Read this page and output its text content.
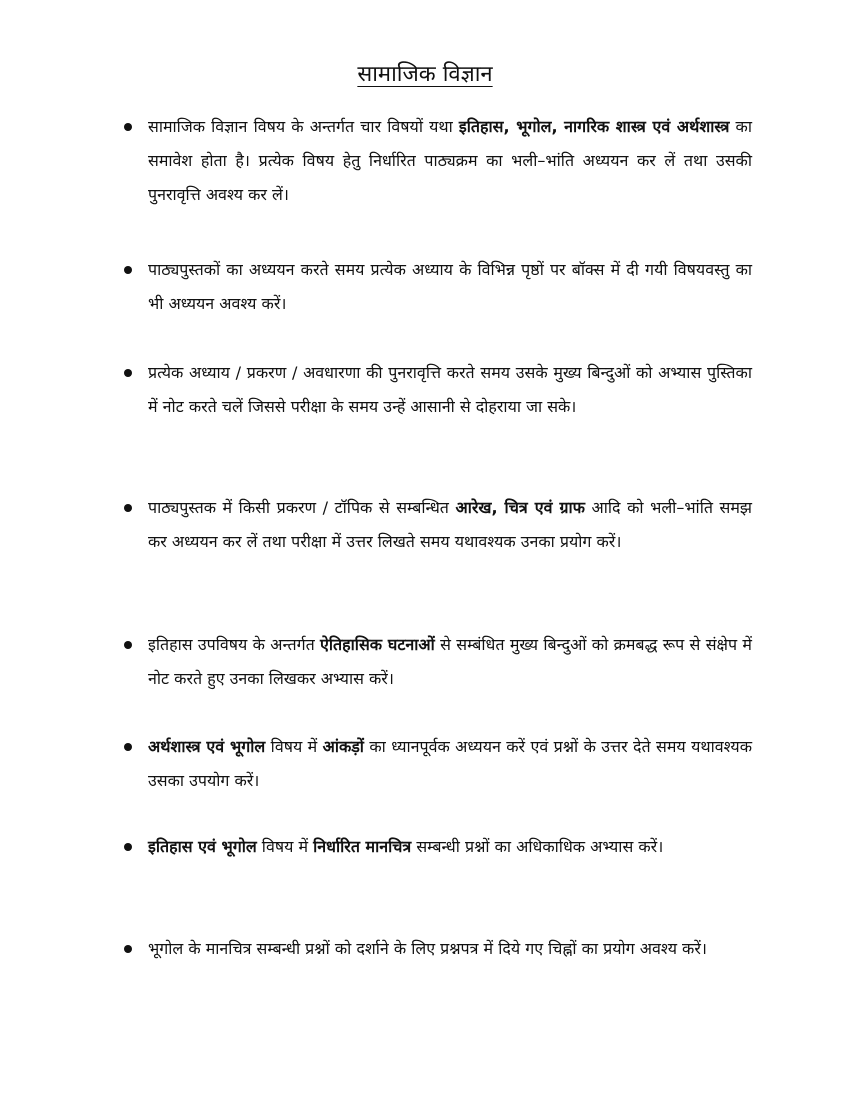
सामाजिक विज्ञान
सामाजिक विज्ञान विषय के अन्तर्गत चार विषयों यथा इतिहास, भूगोल, नागरिक शास्त्र एवं अर्थशास्त्र का समावेश होता है। प्रत्येक विषय हेतु निर्धारित पाठ्यक्रम का भली–भांति अध्ययन कर लें तथा उसकी पुनरावृत्ति अवश्य कर लें।
पाठ्यपुस्तकों का अध्ययन करते समय प्रत्येक अध्याय के विभिन्न पृष्ठों पर बॉक्स में दी गयी विषयवस्तु का भी अध्ययन अवश्य करें।
प्रत्येक अध्याय / प्रकरण / अवधारणा की पुनरावृत्ति करते समय उसके मुख्य बिन्दुओं को अभ्यास पुस्तिका में नोट करते चलें जिससे परीक्षा के समय उन्हें आसानी से दोहराया जा सके।
पाठ्यपुस्तक में किसी प्रकरण / टॉपिक से सम्बन्धित आरेख, चित्र एवं ग्राफ आदि को भली–भांति समझ कर अध्ययन कर लें तथा परीक्षा में उत्तर लिखते समय यथावश्यक उनका प्रयोग करें।
इतिहास उपविषय के अन्तर्गत ऐतिहासिक घटनाओं से सम्बंधित मुख्य बिन्दुओं को क्रमबद्ध रूप से संक्षेप में नोट करते हुए उनका लिखकर अभ्यास करें।
अर्थशास्त्र एवं भूगोल विषय में आंकड़ों का ध्यानपूर्वक अध्ययन करें एवं प्रश्नों के उत्तर देते समय यथावश्यक उसका उपयोग करें।
इतिहास एवं भूगोल विषय में निर्धारित मानचित्र सम्बन्धी प्रश्नों का अधिकाधिक अभ्यास करें।
भूगोल के मानचित्र सम्बन्धी प्रश्नों को दर्शाने के लिए प्रश्नपत्र में दिये गए चिह्नों का प्रयोग अवश्य करें।
